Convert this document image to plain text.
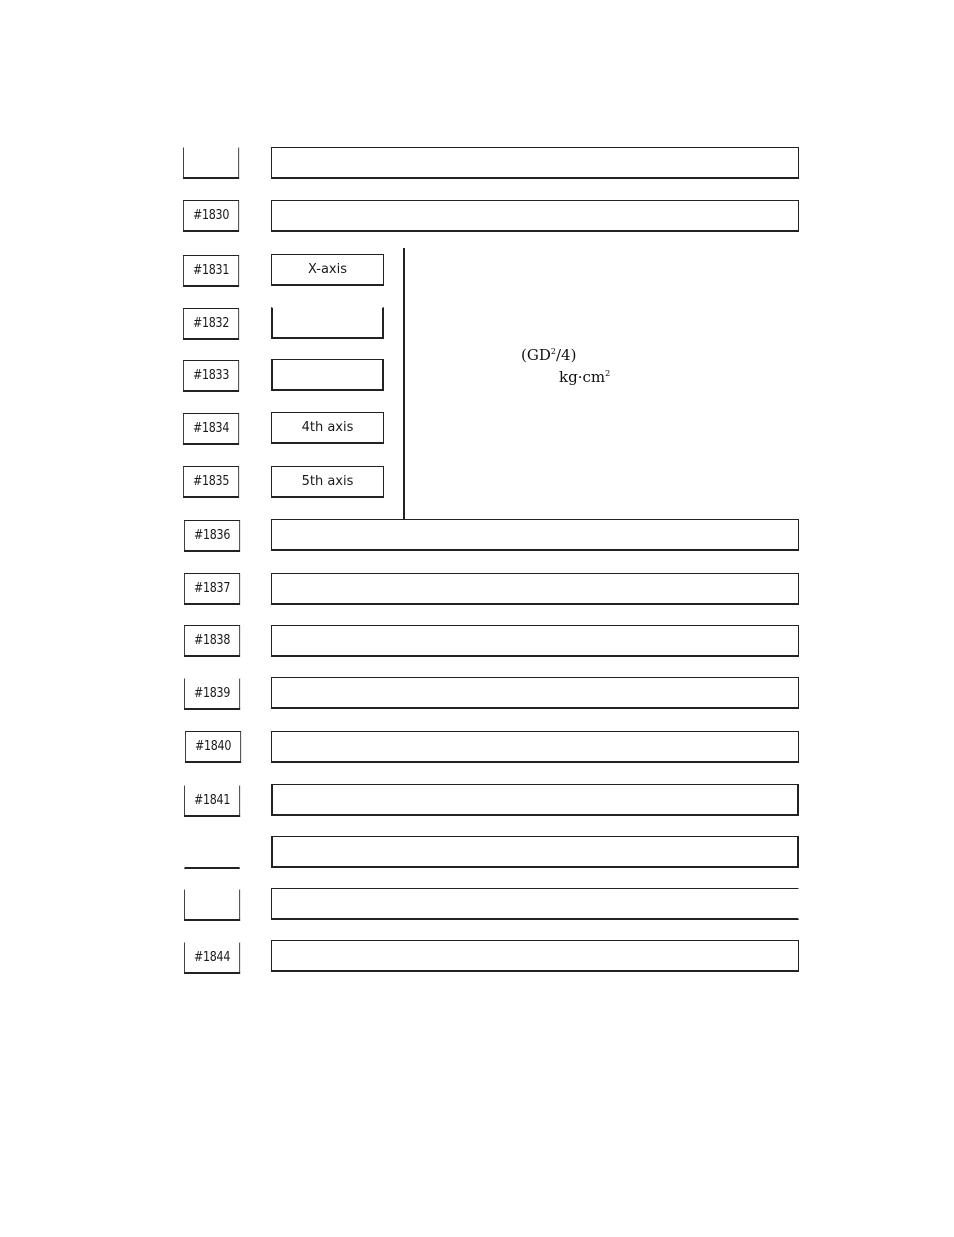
#1830
#1831	X-axis
#1832
#1833
#1834	4th axis
#1835	5th axis
$(GD^2/4)$
$kg\cdot cm^2$
#1836
#1837
#1838
#1839
#1840
#1841
#1844
